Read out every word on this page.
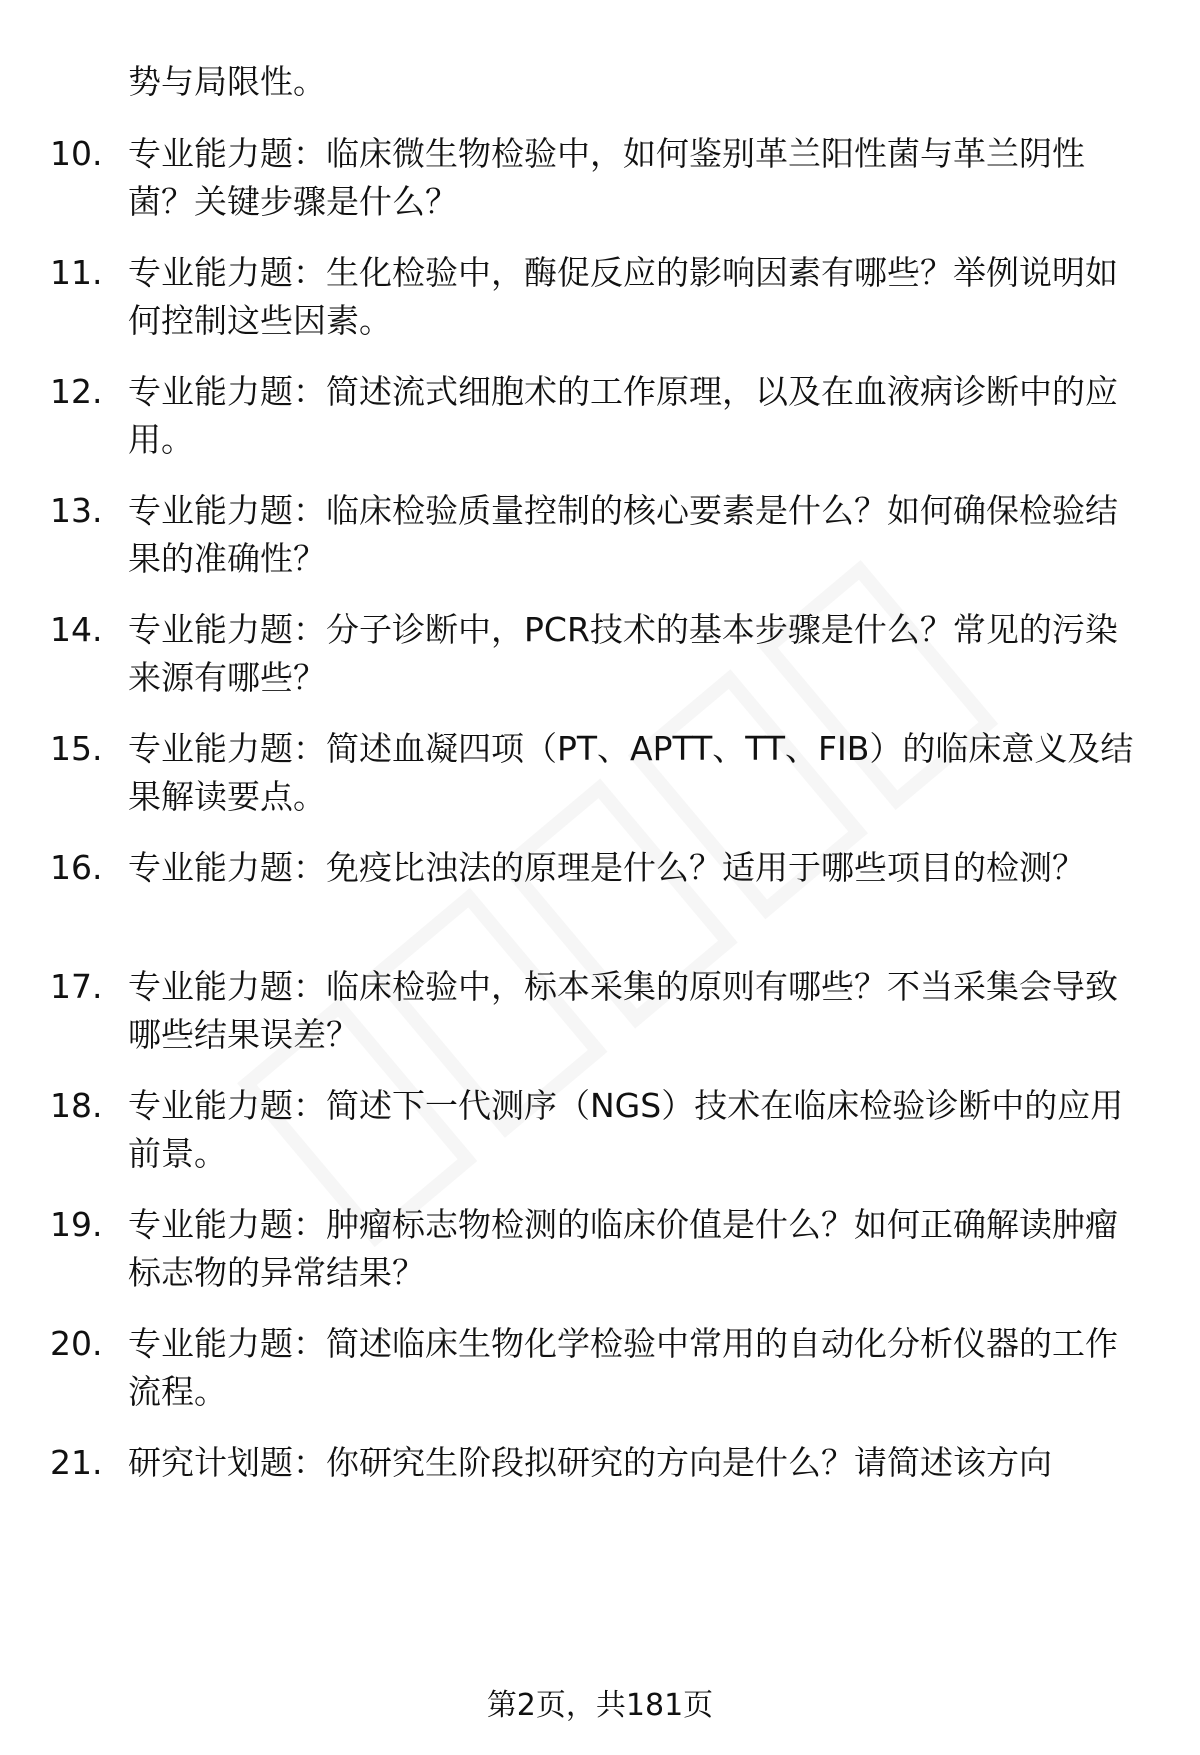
势与局限性。

10. 专业能力题：临床微生物检验中，如何鉴别革兰阳性菌与革兰阴性菌？关键步骤是什么？
11. 专业能力题：生化检验中，酶促反应的影响因素有哪些？举例说明如何控制这些因素。
12. 专业能力题：简述流式细胞术的工作原理，以及在血液病诊断中的应用。
13. 专业能力题：临床检验质量控制的核心要素是什么？如何确保检验结果的准确性？
14. 专业能力题：分子诊断中，PCR技术的基本步骤是什么？常见的污染来源有哪些？
15. 专业能力题：简述血凝四项（PT、APTT、TT、FIB）的临床意义及结果解读要点。
16. 专业能力题：免疫比浊法的原理是什么？适用于哪些项目的检测？
17. 专业能力题：临床检验中，标本采集的原则有哪些？不当采集会导致哪些结果误差？
18. 专业能力题：简述下一代测序（NGS）技术在临床检验诊断中的应用前景。
19. 专业能力题：肿瘤标志物检测的临床价值是什么？如何正确解读肿瘤标志物的异常结果？
20. 专业能力题：简述临床生物化学检验中常用的自动化分析仪器的工作流程。
21. 研究计划题：你研究生阶段拟研究的方向是什么？请简述该方向
第2页，共181页
